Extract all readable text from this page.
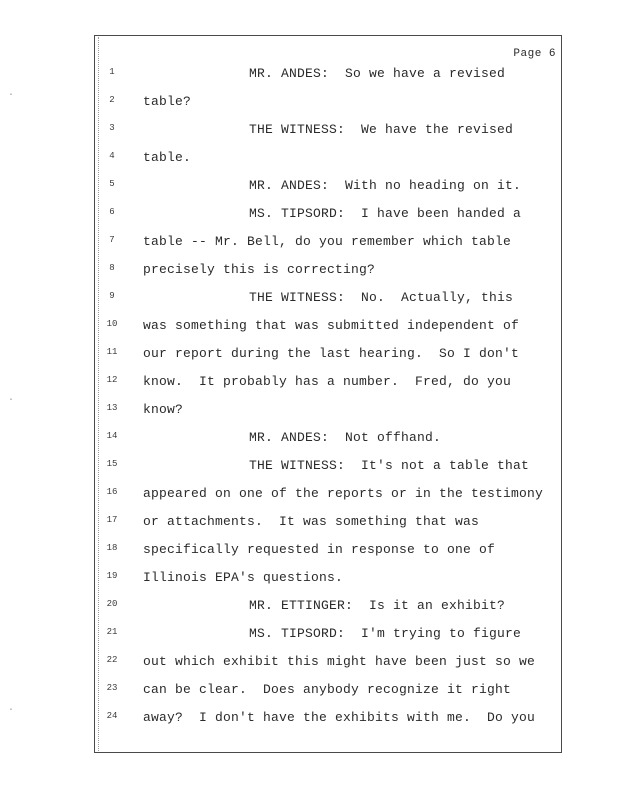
·
·
·
Page 6
1	MR. ANDES:  So we have a revised
2	table?
3	THE WITNESS:  We have the revised
4	table.
5	MR. ANDES:  With no heading on it.
6	MS. TIPSORD:  I have been handed a
7	table -- Mr. Bell, do you remember which table
8	precisely this is correcting?
9	THE WITNESS:  No.  Actually, this
10	was something that was submitted independent of
11	our report during the last hearing.  So I don't
12	know.  It probably has a number.  Fred, do you
13	know?
14	MR. ANDES:  Not offhand.
15	THE WITNESS:  It's not a table that
16	appeared on one of the reports or in the testimony
17	or attachments.  It was something that was
18	specifically requested in response to one of
19	Illinois EPA's questions.
20	MR. ETTINGER:  Is it an exhibit?
21	MS. TIPSORD:  I'm trying to figure
22	out which exhibit this might have been just so we
23	can be clear.  Does anybody recognize it right
24	away?  I don't have the exhibits with me.  Do you
